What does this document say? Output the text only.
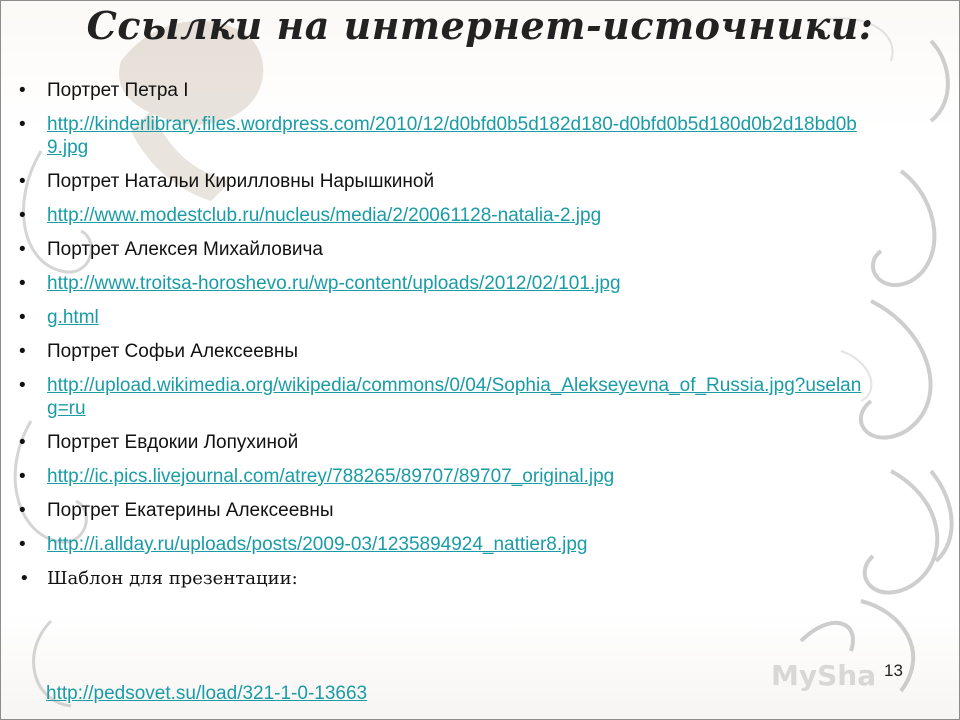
Ссылки на интернет-источники:
• Портрет Петра I
• http://kinderlibrary.files.wordpress.com/2010/12/d0bfd0b5d182d180-d0bfd0b5d180d0b2d18bd0b9.jpg
• Портрет Натальи Кирилловны Нарышкиной
• http://www.modestclub.ru/nucleus/media/2/20061128-natalia-2.jpg
• Портрет Алексея Михайловича
• http://www.troitsa-horoshevo.ru/wp-content/uploads/2012/02/101.jpg
• g.html
• Портрет Софьи Алексеевны
• http://upload.wikimedia.org/wikipedia/commons/0/04/Sophia_Alekseyevna_of_Russia.jpg?uselang=ru
• Портрет Евдокии Лопухиной
• http://ic.pics.livejournal.com/atrey/788265/89707/89707_original.jpg
• Портрет Екатерины Алексеевны
• http://i.allday.ru/uploads/posts/2009-03/1235894924_nattier8.jpg
• Шаблон для презентации:
MySha 13
http://pedsovet.su/load/321-1-0-13663
